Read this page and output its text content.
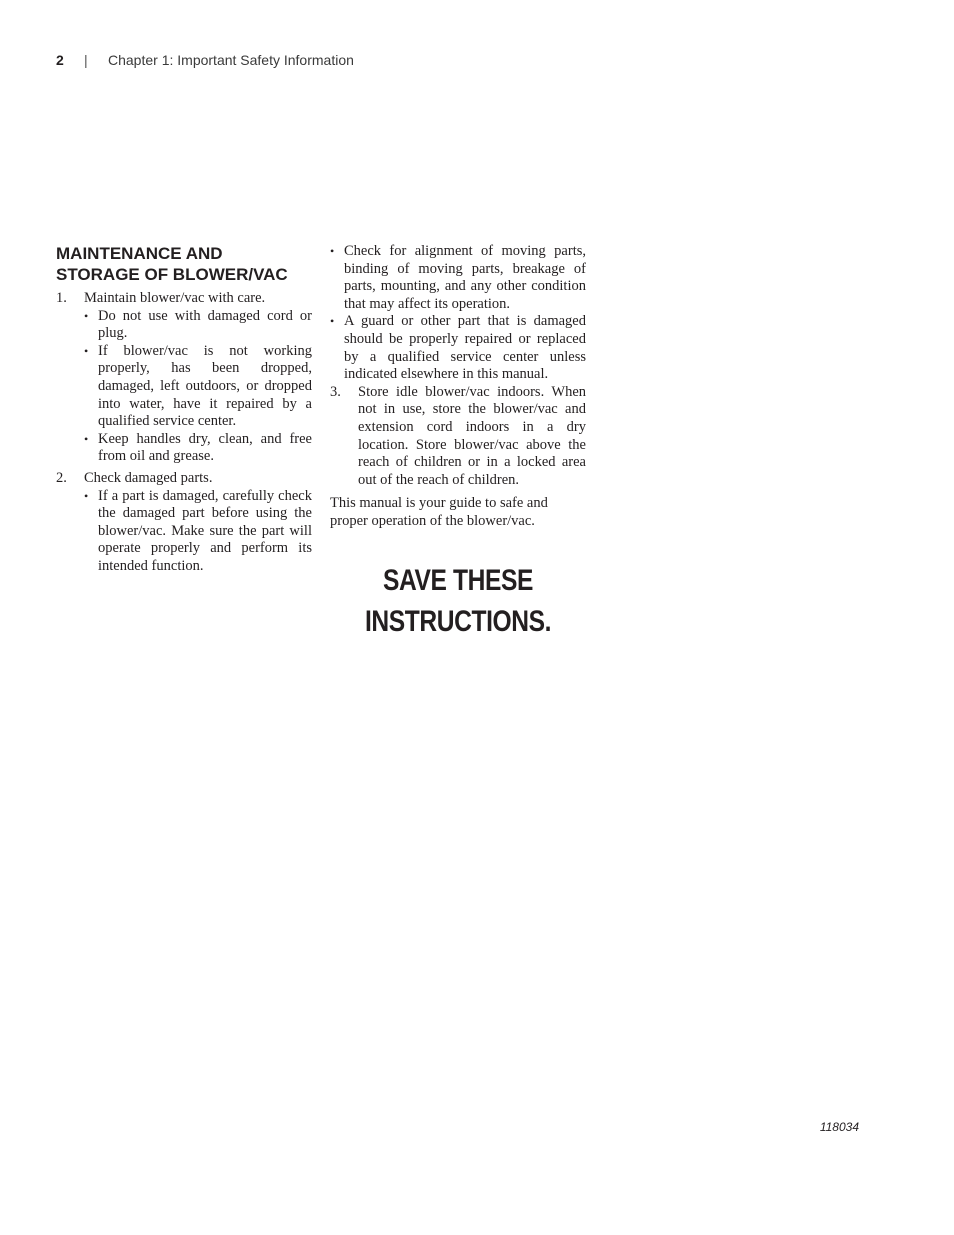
2 | Chapter 1: Important Safety Information
MAINTENANCE AND
STORAGE OF BLOWER/VAC
1. Maintain blower/vac with care.
• Do not use with damaged cord or plug.
• If blower/vac is not working properly, has been dropped, damaged, left outdoors, or dropped into water, have it repaired by a qualified service center.
• Keep handles dry, clean, and free from oil and grease.
2. Check damaged parts.
• If a part is damaged, carefully check the damaged part before using the blower/vac. Make sure the part will operate properly and perform its intended function.
• Check for alignment of moving parts, binding of moving parts, breakage of parts, mounting, and any other condition that may affect its operation.
• A guard or other part that is damaged should be properly repaired or replaced by a qualified service center unless indicated elsewhere in this manual.
3. Store idle blower/vac indoors. When not in use, store the blower/vac and extension cord indoors in a dry location. Store blower/vac above the reach of children or in a locked area out of the reach of children.

This manual is your guide to safe and proper operation of the blower/vac.

SAVE THESE
INSTRUCTIONS.
118034
